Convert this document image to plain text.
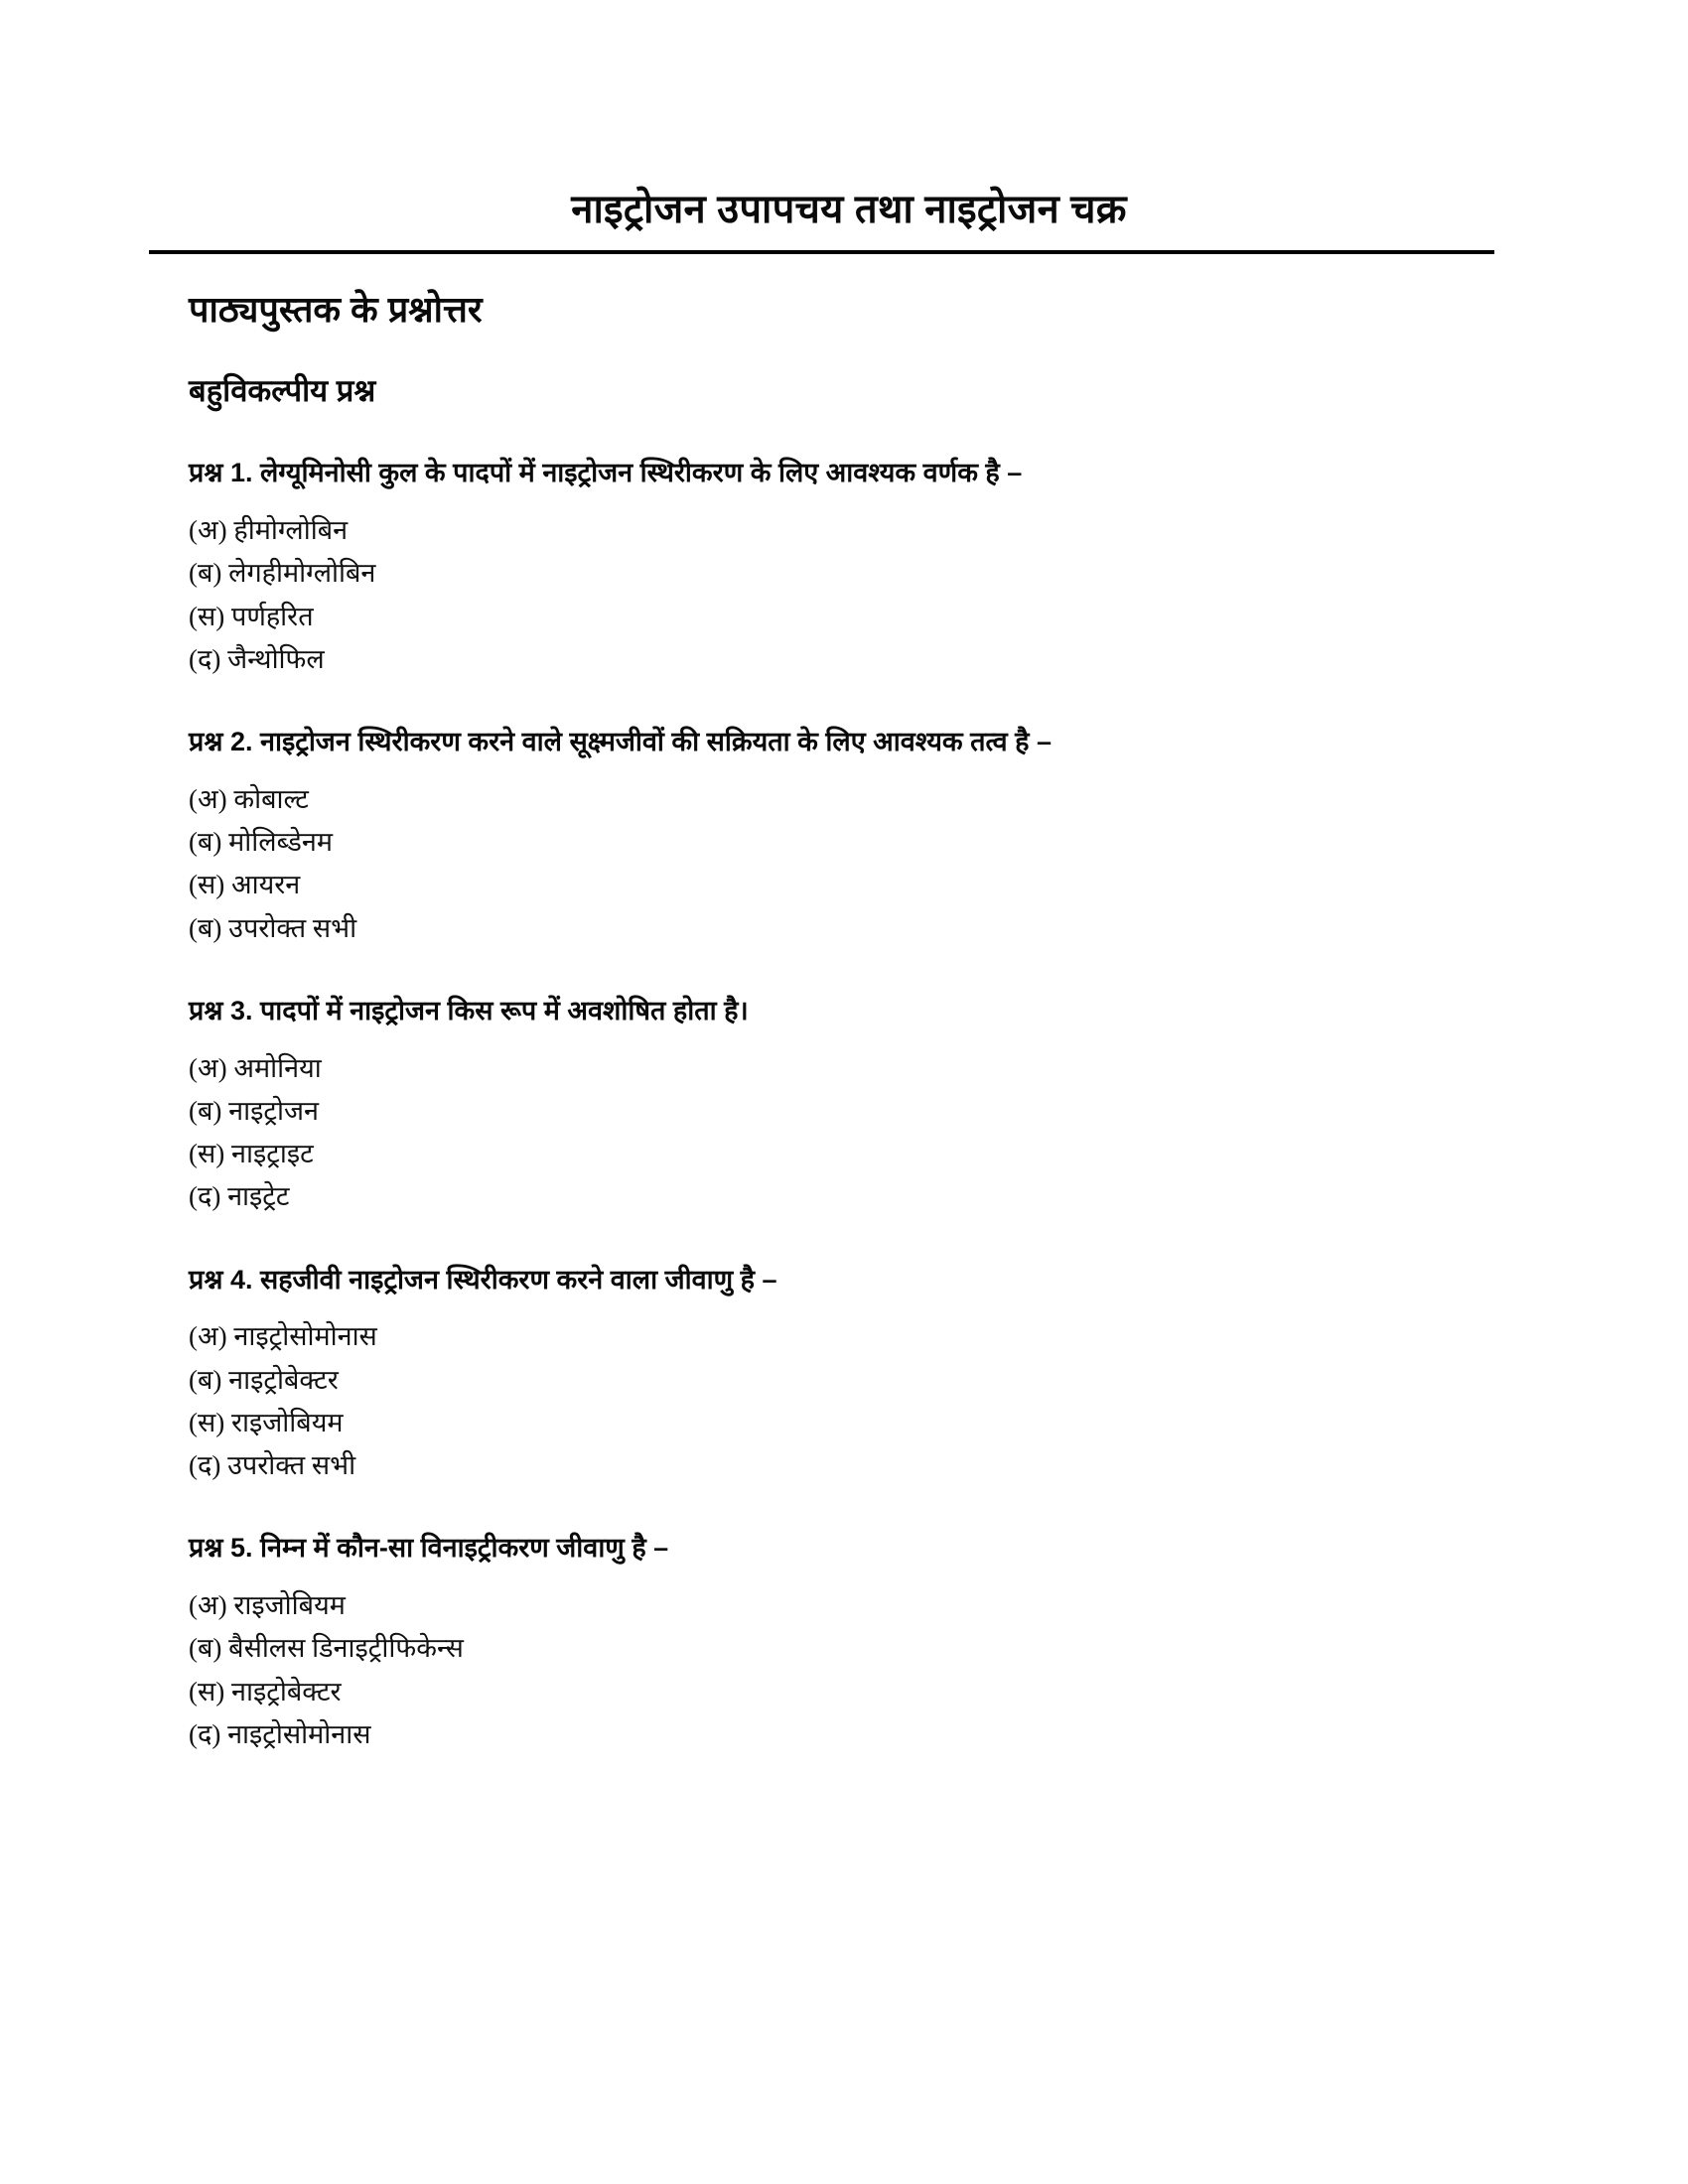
नाइट्रोजन उपापचय तथा नाइट्रोजन चक्र
पाठ्यपुस्तक के प्रश्नोत्तर
बहुविकल्पीय प्रश्न

प्रश्न 1. लेग्यूमिनोसी कुल के पादपों में नाइट्रोजन स्थिरीकरण के लिए आवश्यक वर्णक है –

(अ) हीमोग्लोबिन
(ब) लेगहीमोग्लोबिन
(स) पर्णहरित
(द) जैन्थोफिल

प्रश्न 2. नाइट्रोजन स्थिरीकरण करने वाले सूक्ष्मजीवों की सक्रियता के लिए आवश्यक तत्व है –

(अ) कोबाल्ट
(ब) मोलिब्डेनम
(स) आयरन
(ब) उपरोक्त सभी

प्रश्न 3. पादपों में नाइट्रोजन किस रूप में अवशोषित होता है।

(अ) अमोनिया
(ब) नाइट्रोजन
(स) नाइट्राइट
(द) नाइट्रेट

प्रश्न 4. सहजीवी नाइट्रोजन स्थिरीकरण करने वाला जीवाणु है –

(अ) नाइट्रोसोमोनास
(ब) नाइट्रोबेक्टर
(स) राइजोबियम
(द) उपरोक्त सभी

प्रश्न 5. निम्न में कौन-सा विनाइट्रीकरण जीवाणु है –

(अ) राइजोबियम
(ब) बैसीलस डिनाइट्रीफिकेन्स
(स) नाइट्रोबेक्टर
(द) नाइट्रोसोमोनास
